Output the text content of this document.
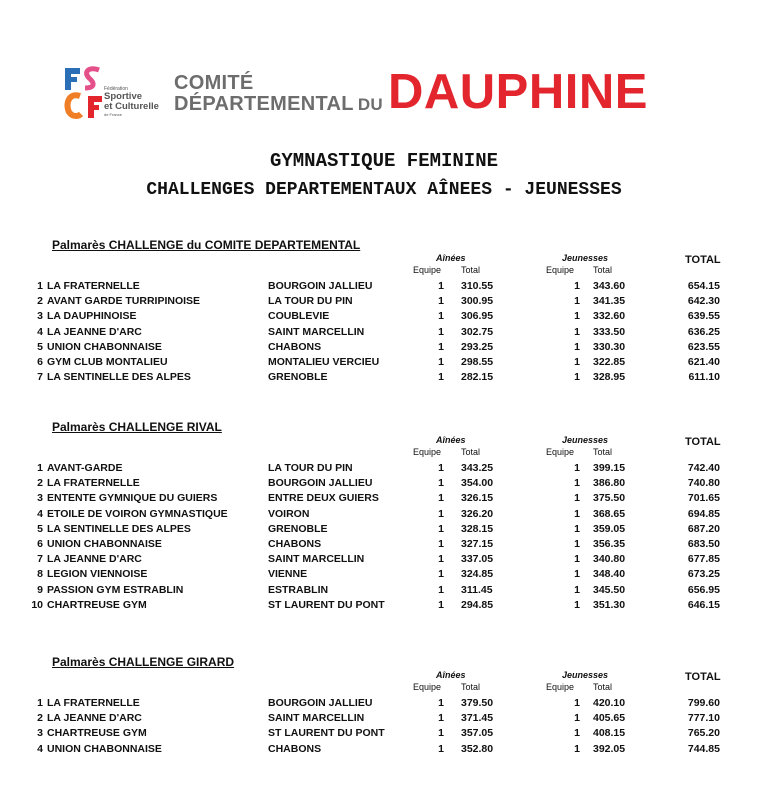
Fédération
Sportive
et Culturelle
de France
COMITÉ
DÉPARTEMENTAL DU DAUPHINE
GYMNASTIQUE FEMININE
CHALLENGES DEPARTEMENTAUX AÎNEES - JEUNESSES
Palmarès CHALLENGE du COMITE DEPARTEMENTAL
Aînées	Jeunesses	TOTAL
Equipe Total	Equipe Total
1 LA FRATERNELLE	BOURGOIN JALLIEU	1 310.55	1 343.60	654.15
2 AVANT GARDE TURRIPINOISE	LA TOUR DU PIN	1 300.95	1 341.35	642.30
3 LA DAUPHINOISE	COUBLEVIE	1 306.95	1 332.60	639.55
4 LA JEANNE D'ARC	SAINT MARCELLIN	1 302.75	1 333.50	636.25
5 UNION CHABONNAISE	CHABONS	1 293.25	1 330.30	623.55
6 GYM CLUB MONTALIEU	MONTALIEU VERCIEU	1 298.55	1 322.85	621.40
7 LA SENTINELLE DES ALPES	GRENOBLE	1 282.15	1 328.95	611.10
Palmarès CHALLENGE RIVAL
Aînées	Jeunesses	TOTAL
Equipe Total	Equipe Total
1 AVANT-GARDE	LA TOUR DU PIN	1 343.25	1 399.15	742.40
2 LA FRATERNELLE	BOURGOIN JALLIEU	1 354.00	1 386.80	740.80
3 ENTENTE GYMNIQUE DU GUIERS	ENTRE DEUX GUIERS	1 326.15	1 375.50	701.65
4 ETOILE DE VOIRON GYMNASTIQUE	VOIRON	1 326.20	1 368.65	694.85
5 LA SENTINELLE DES ALPES	GRENOBLE	1 328.15	1 359.05	687.20
6 UNION CHABONNAISE	CHABONS	1 327.15	1 356.35	683.50
7 LA JEANNE D'ARC	SAINT MARCELLIN	1 337.05	1 340.80	677.85
8 LEGION VIENNOISE	VIENNE	1 324.85	1 348.40	673.25
9 PASSION GYM ESTRABLIN	ESTRABLIN	1 311.45	1 345.50	656.95
10 CHARTREUSE GYM	ST LAURENT DU PONT	1 294.85	1 351.30	646.15
Palmarès CHALLENGE GIRARD
Aînées	Jeunesses	TOTAL
Equipe Total	Equipe Total
1 LA FRATERNELLE	BOURGOIN JALLIEU	1 379.50	1 420.10	799.60
2 LA JEANNE D'ARC	SAINT MARCELLIN	1 371.45	1 405.65	777.10
3 CHARTREUSE GYM	ST LAURENT DU PONT	1 357.05	1 408.15	765.20
4 UNION CHABONNAISE	CHABONS	1 352.80	1 392.05	744.85
